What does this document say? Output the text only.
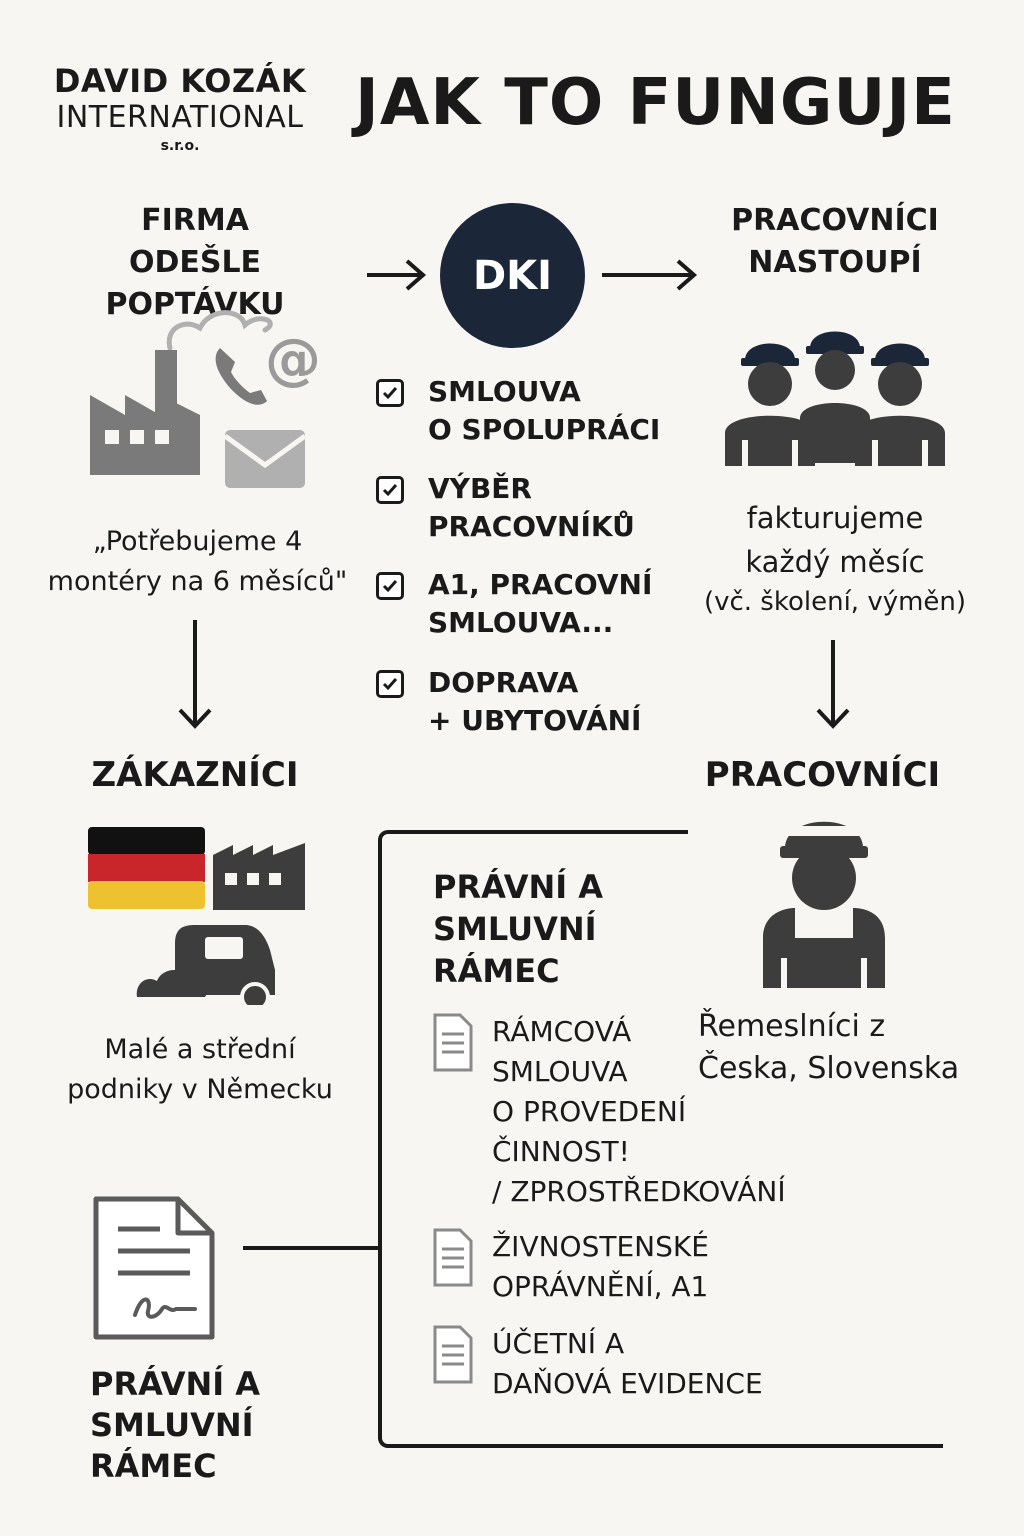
DAVID KOZÁK
INTERNATIONAL
s.r.o.
JAK TO FUNGUJE
FIRMA
ODEŠLE POPTÁVKU
@
„Potřebujeme 4
montéry na 6 měsíců"
DKI
SMLOUVA
O SPOLUPRÁCI
VÝBĚR
PRACOVNÍKŮ
A1, PRACOVNÍ
SMLOUVA...
DOPRAVA
+ UBYTOVÁNÍ
PRACOVNÍCI
NASTOUPÍ
fakturujeme
každý měsíc
(vč. školení, výměn)
ZÁKAZNÍCI
Malé a střední
podniky v Německu
PRACOVNÍCI
Řemeslníci z
Česka, Slovenska
PRÁVNÍ A
SMLUVNÍ
RÁMEC
RÁMCOVÁ
SMLOUVA
O PROVEDENÍ
ČINNOST!
/ ZPROSTŘEDKOVÁNÍ
ŽIVNOSTENSKÉ
OPRÁVNĚNÍ, A1
ÚČETNÍ A
DAŇOVÁ EVIDENCE
PRÁVNÍ A
SMLUVNÍ
RÁMEC
